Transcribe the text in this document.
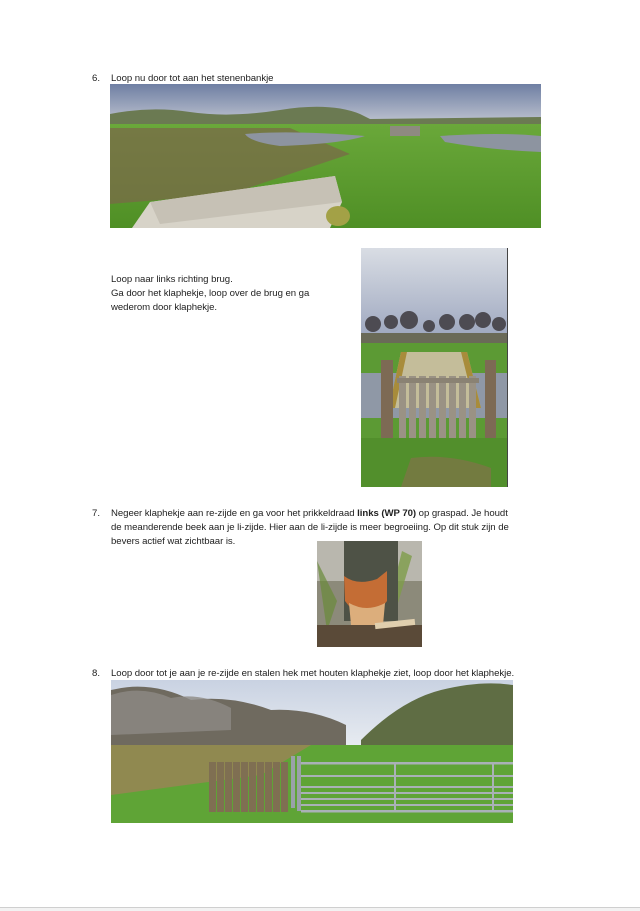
6. Loop nu door tot aan het stenenbankje
Loop naar links richting brug.
Ga door het klaphekje, loop over de brug en ga
wederom door klaphekje.
7. Negeer klaphekje aan re-zijde en ga voor het prikkeldraad links (WP 70) op graspad. Je houdt
de meanderende beek aan je li-zijde. Hier aan de li-zijde is meer begroeiing. Op dit stuk zijn de
bevers actief wat zichtbaar is.
8. Loop door tot je aan je re-zijde en stalen hek met houten klaphekje ziet, loop door het klaphekje.
